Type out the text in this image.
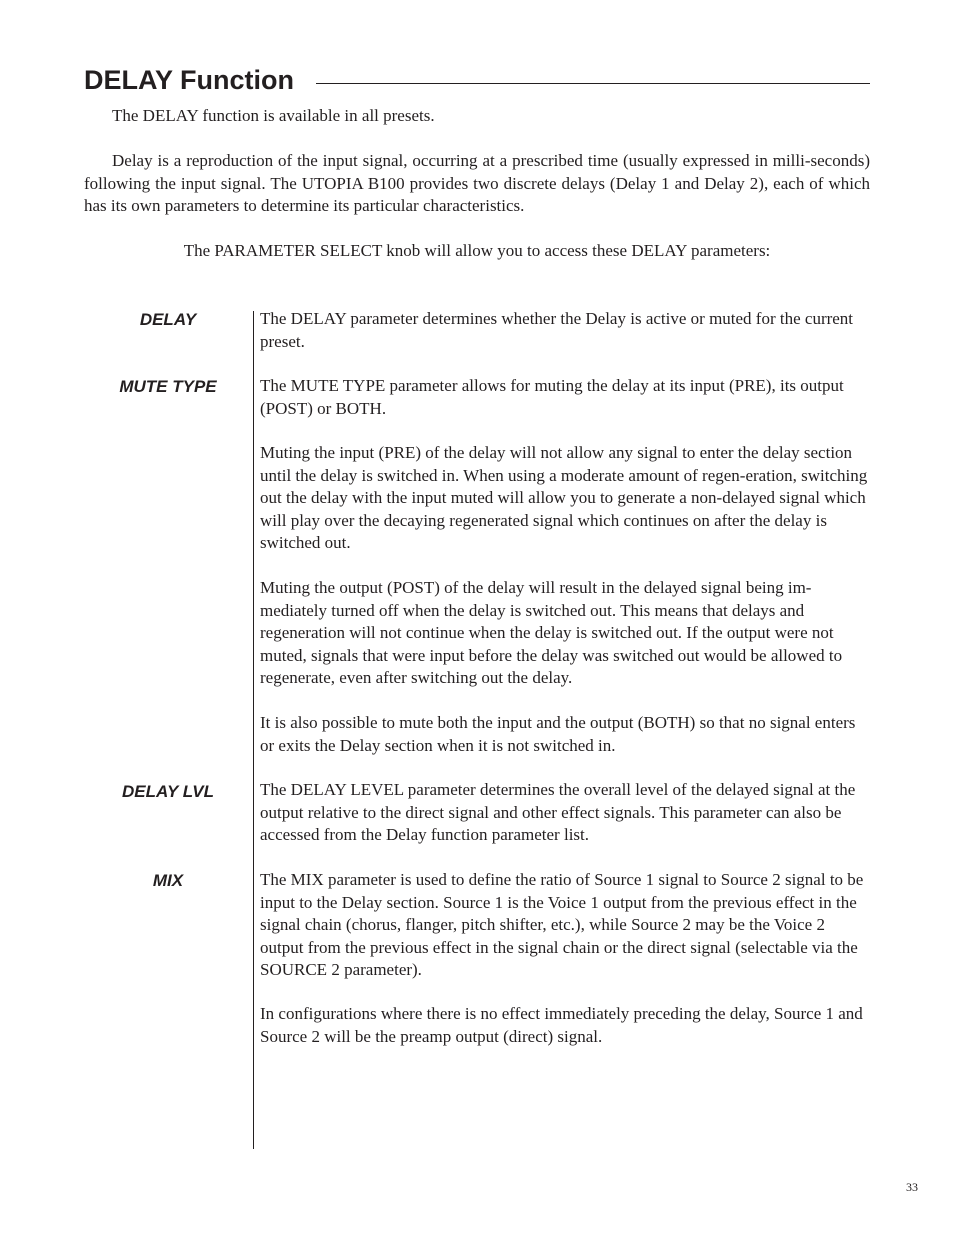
DELAY Function

The DELAY function is available in all presets.

Delay is a reproduction of the input signal, occurring at a prescribed time (usually expressed in milli-seconds) following the input signal. The UTOPIA B100 provides two discrete delays (Delay 1 and Delay 2), each of which has its own parameters to determine its particular characteristics.

The PARAMETER SELECT knob will allow you to access these DELAY parameters:

DELAY	The DELAY parameter determines whether the Delay is active or muted for the current preset.

MUTE TYPE	The MUTE TYPE parameter allows for muting the delay at its input (PRE), its output (POST) or BOTH.

Muting the input (PRE) of the delay will not allow any signal to enter the delay section until the delay is switched in. When using a moderate amount of regen-eration, switching out the delay with the input muted will allow you to generate a non-delayed signal which will play over the decaying regenerated signal which continues on after the delay is switched out.

Muting the output (POST) of the delay will result in the delayed signal being im-mediately turned off when the delay is switched out. This means that delays and regeneration will not continue when the delay is switched out. If the output were not muted, signals that were input before the delay was switched out would be allowed to regenerate, even after switching out the delay.

It is also possible to mute both the input and the output (BOTH) so that no signal enters or exits the Delay section when it is not switched in.

DELAY LVL	The DELAY LEVEL parameter determines the overall level of the delayed signal at the output relative to the direct signal and other effect signals. This parameter can also be accessed from the Delay function parameter list.

MIX	The MIX parameter is used to define the ratio of Source 1 signal to Source 2 signal to be input to the Delay section. Source 1 is the Voice 1 output from the previous effect in the signal chain (chorus, flanger, pitch shifter, etc.), while Source 2 may be the Voice 2 output from the previous effect in the signal chain or the direct signal (selectable via the SOURCE 2 parameter).

In configurations where there is no effect immediately preceding the delay, Source 1 and Source 2 will be the preamp output (direct) signal.

33
